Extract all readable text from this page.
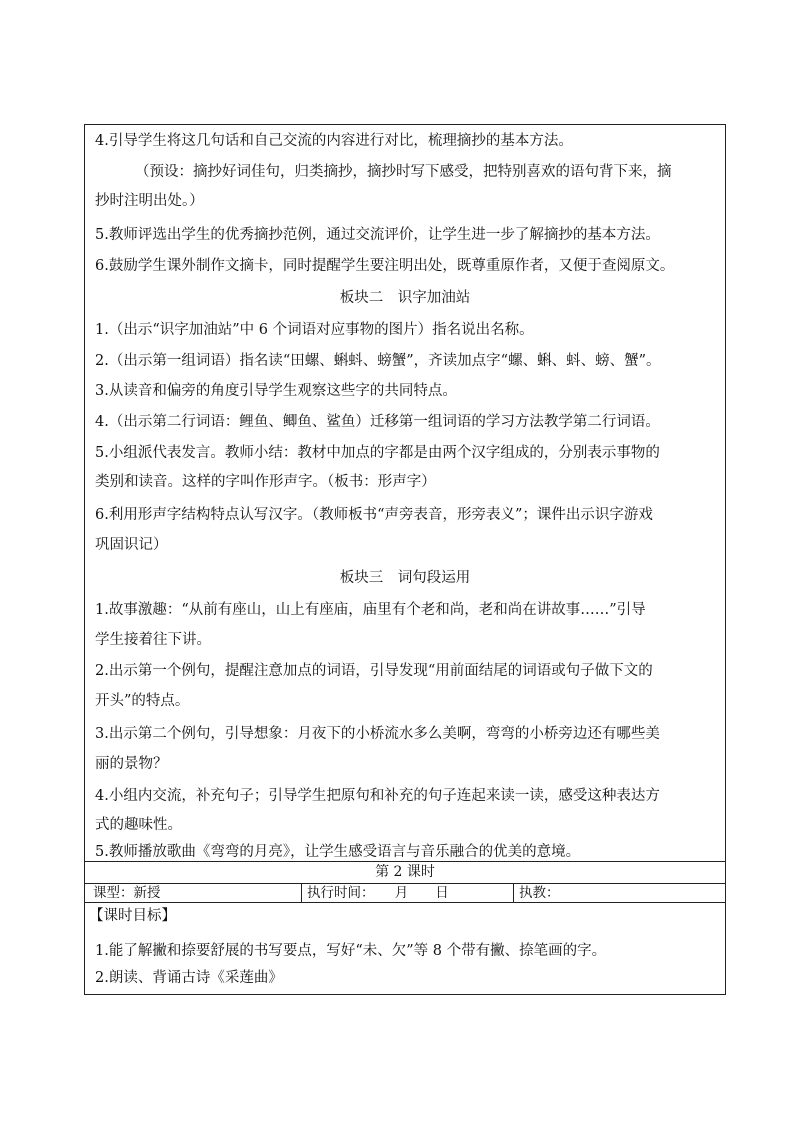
4.引导学生将这几句话和自己交流的内容进行对比，梳理摘抄的基本方法。
（预设：摘抄好词佳句，归类摘抄，摘抄时写下感受，把特别喜欢的语句背下来，摘
抄时注明出处。）
5.教师评选出学生的优秀摘抄范例，通过交流评价，让学生进一步了解摘抄的基本方法。
6.鼓励学生课外制作文摘卡，同时提醒学生要注明出处，既尊重原作者，又便于查阅原文。
板块二　识字加油站
1.（出示“识字加油站”中 6 个词语对应事物的图片）指名说出名称。
2.（出示第一组词语）指名读“田螺、蝌蚪、螃蟹”，齐读加点字“螺、蝌、蚪、螃、蟹”。
3.从读音和偏旁的角度引导学生观察这些字的共同特点。
4.（出示第二行词语：鲤鱼、鲫鱼、鲨鱼）迁移第一组词语的学习方法教学第二行词语。
5.小组派代表发言。教师小结：教材中加点的字都是由两个汉字组成的，分别表示事物的
类别和读音。这样的字叫作形声字。（板书：形声字）
6.利用形声字结构特点认写汉字。（教师板书“声旁表音，形旁表义”；课件出示识字游戏
巩固识记）
板块三　词句段运用
1.故事激趣：“从前有座山，山上有座庙，庙里有个老和尚，老和尚在讲故事……”引导
学生接着往下讲。
2.出示第一个例句，提醒注意加点的词语，引导发现“用前面结尾的词语或句子做下文的
开头”的特点。
3.出示第二个例句，引导想象：月夜下的小桥流水多么美啊，弯弯的小桥旁边还有哪些美
丽的景物？
4.小组内交流，补充句子；引导学生把原句和补充的句子连起来读一读，感受这种表达方
式的趣味性。
5.教师播放歌曲《弯弯的月亮》，让学生感受语言与音乐融合的优美的意境。
第 2 课时
课型：新授	执行时间：　　月　　日	执教：
【课时目标】
1.能了解撇和捺要舒展的书写要点，写好“未、欠”等 8 个带有撇、捺笔画的字。
2.朗读、背诵古诗《采莲曲》
